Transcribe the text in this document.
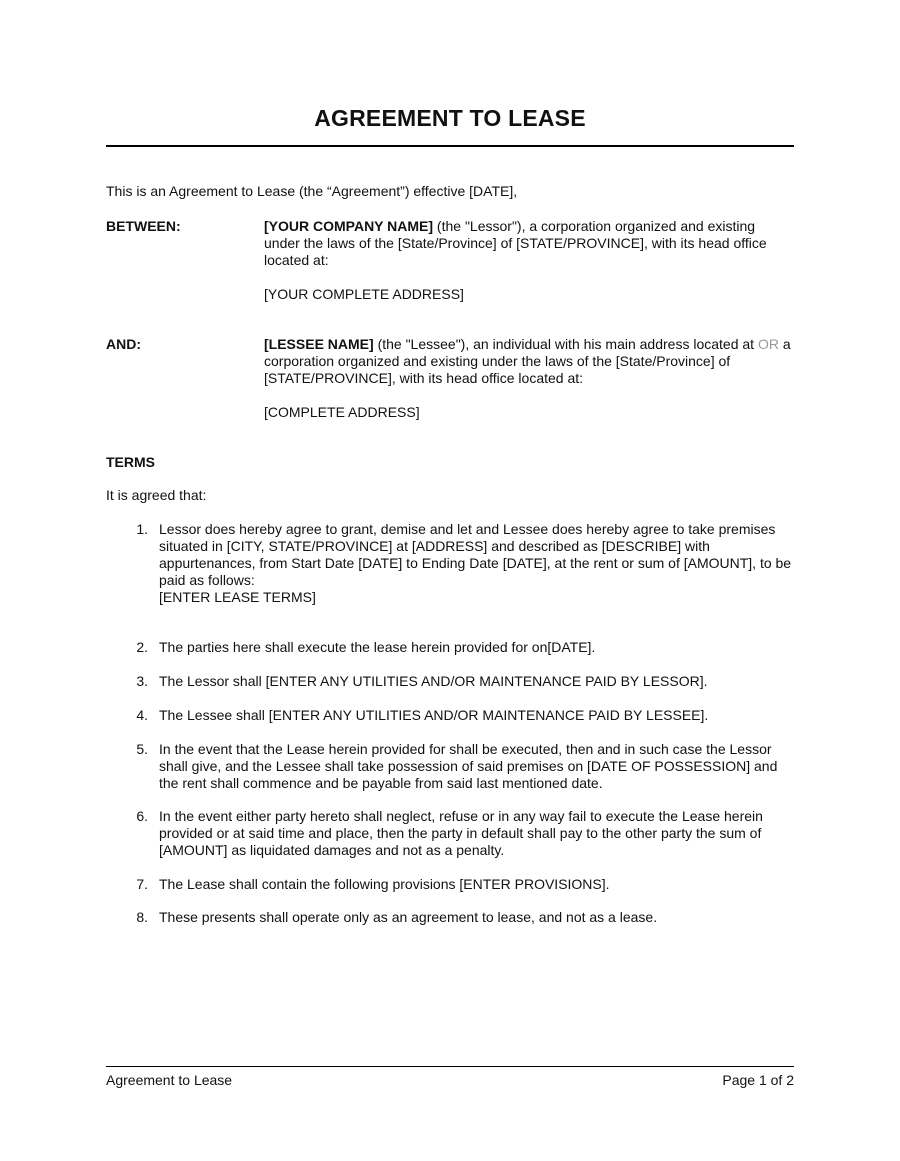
AGREEMENT TO LEASE
This is an Agreement to Lease (the “Agreement”) effective [DATE],
BETWEEN:	[YOUR COMPANY NAME] (the "Lessor"), a corporation organized and existing under the laws of the [State/Province] of [STATE/PROVINCE], with its head office located at:

[YOUR COMPLETE ADDRESS]

AND:	[LESSEE NAME] (the "Lessee"), an individual with his main address located at OR a corporation organized and existing under the laws of the [State/Province] of [STATE/PROVINCE], with its head office located at:

[COMPLETE ADDRESS]

TERMS
It is agreed that:
1. Lessor does hereby agree to grant, demise and let and Lessee does hereby agree to take premises situated in [CITY, STATE/PROVINCE] at [ADDRESS] and described as [DESCRIBE] with appurtenances, from Start Date [DATE] to Ending Date [DATE], at the rent or sum of [AMOUNT], to be paid as follows:

[ENTER LEASE TERMS]

2. The parties here shall execute the lease herein provided for on[DATE].

3. The Lessor shall [ENTER ANY UTILITIES AND/OR MAINTENANCE PAID BY LESSOR].

4. The Lessee shall [ENTER ANY UTILITIES AND/OR MAINTENANCE PAID BY LESSEE].

5. In the event that the Lease herein provided for shall be executed, then and in such case the Lessor shall give, and the Lessee shall take possession of said premises on [DATE OF POSSESSION] and the rent shall commence and be payable from said last mentioned date.

6. In the event either party hereto shall neglect, refuse or in any way fail to execute the Lease herein provided or at said time and place, then the party in default shall pay to the other party the sum of [AMOUNT] as liquidated damages and not as a penalty.

7. The Lease shall contain the following provisions [ENTER PROVISIONS].

8. These presents shall operate only as an agreement to lease, and not as a lease.

Agreement to Lease	Page 1 of 2
